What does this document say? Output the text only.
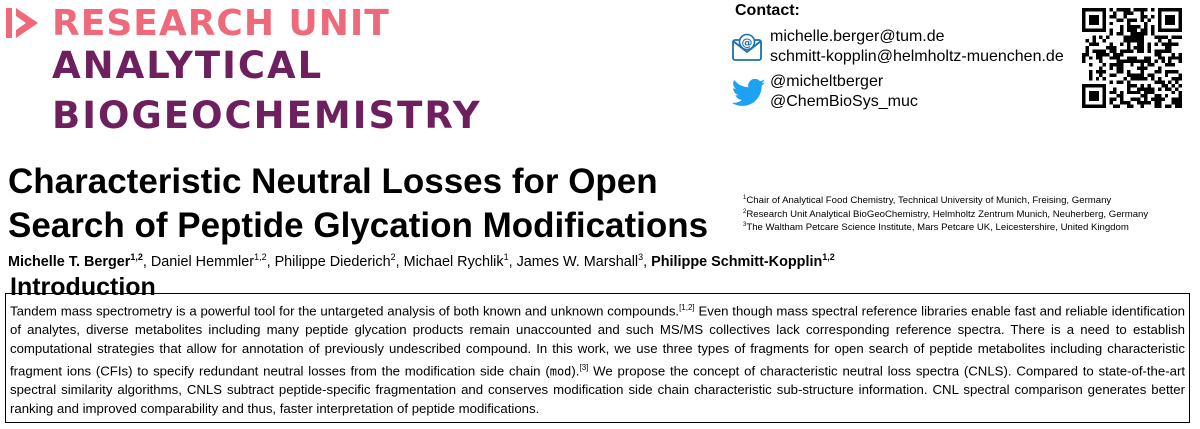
RESEARCH UNIT
ANALYTICAL
BIOGEOCHEMISTRY
Contact:
@ michelle.berger@tum.de
schmitt-kopplin@helmholtz-muenchen.de
@micheltberger
@ChemBioSys_muc
Characteristic Neutral Losses for Open
Search of Peptide Glycation Modifications
$^1$Chair of Analytical Food Chemistry, Technical University of Munich, Freising, Germany
$^2$Research Unit Analytical BioGeoChemistry, Helmholtz Zentrum Munich, Neuherberg, Germany
$^3$The Waltham Petcare Science Institute, Mars Petcare UK, Leicestershire, United Kingdom
Michelle T. Berger$^{1,2}$, Daniel Hemmler$^{1,2}$, Philippe Diederich$^2$, Michael Rychlik$^1$, James W. Marshall$^3$, Philippe Schmitt-Kopplin$^{1,2}$
Introduction
Tandem mass spectrometry is a powerful tool for the untargeted analysis of both known and unknown compounds.[1,2] Even though mass spectral reference libraries enable fast and reliable identification of analytes, diverse metabolites including many peptide glycation products remain unaccounted and such MS/MS collectives lack corresponding reference spectra. There is a need to establish computational strategies that allow for annotation of previously undescribed compound. In this work, we use three types of fragments for open search of peptide metabolites including characteristic fragment ions (CFIs) to specify redundant neutral losses from the modification side chain (mod).[3] We propose the concept of characteristic neutral loss spectra (CNLS). Compared to state-of-the-art spectral similarity algorithms, CNLS subtract peptide-specific fragmentation and conserves modification side chain characteristic sub-structure information. CNL spectral comparison generates better ranking and improved comparability and thus, faster interpretation of peptide modifications.
